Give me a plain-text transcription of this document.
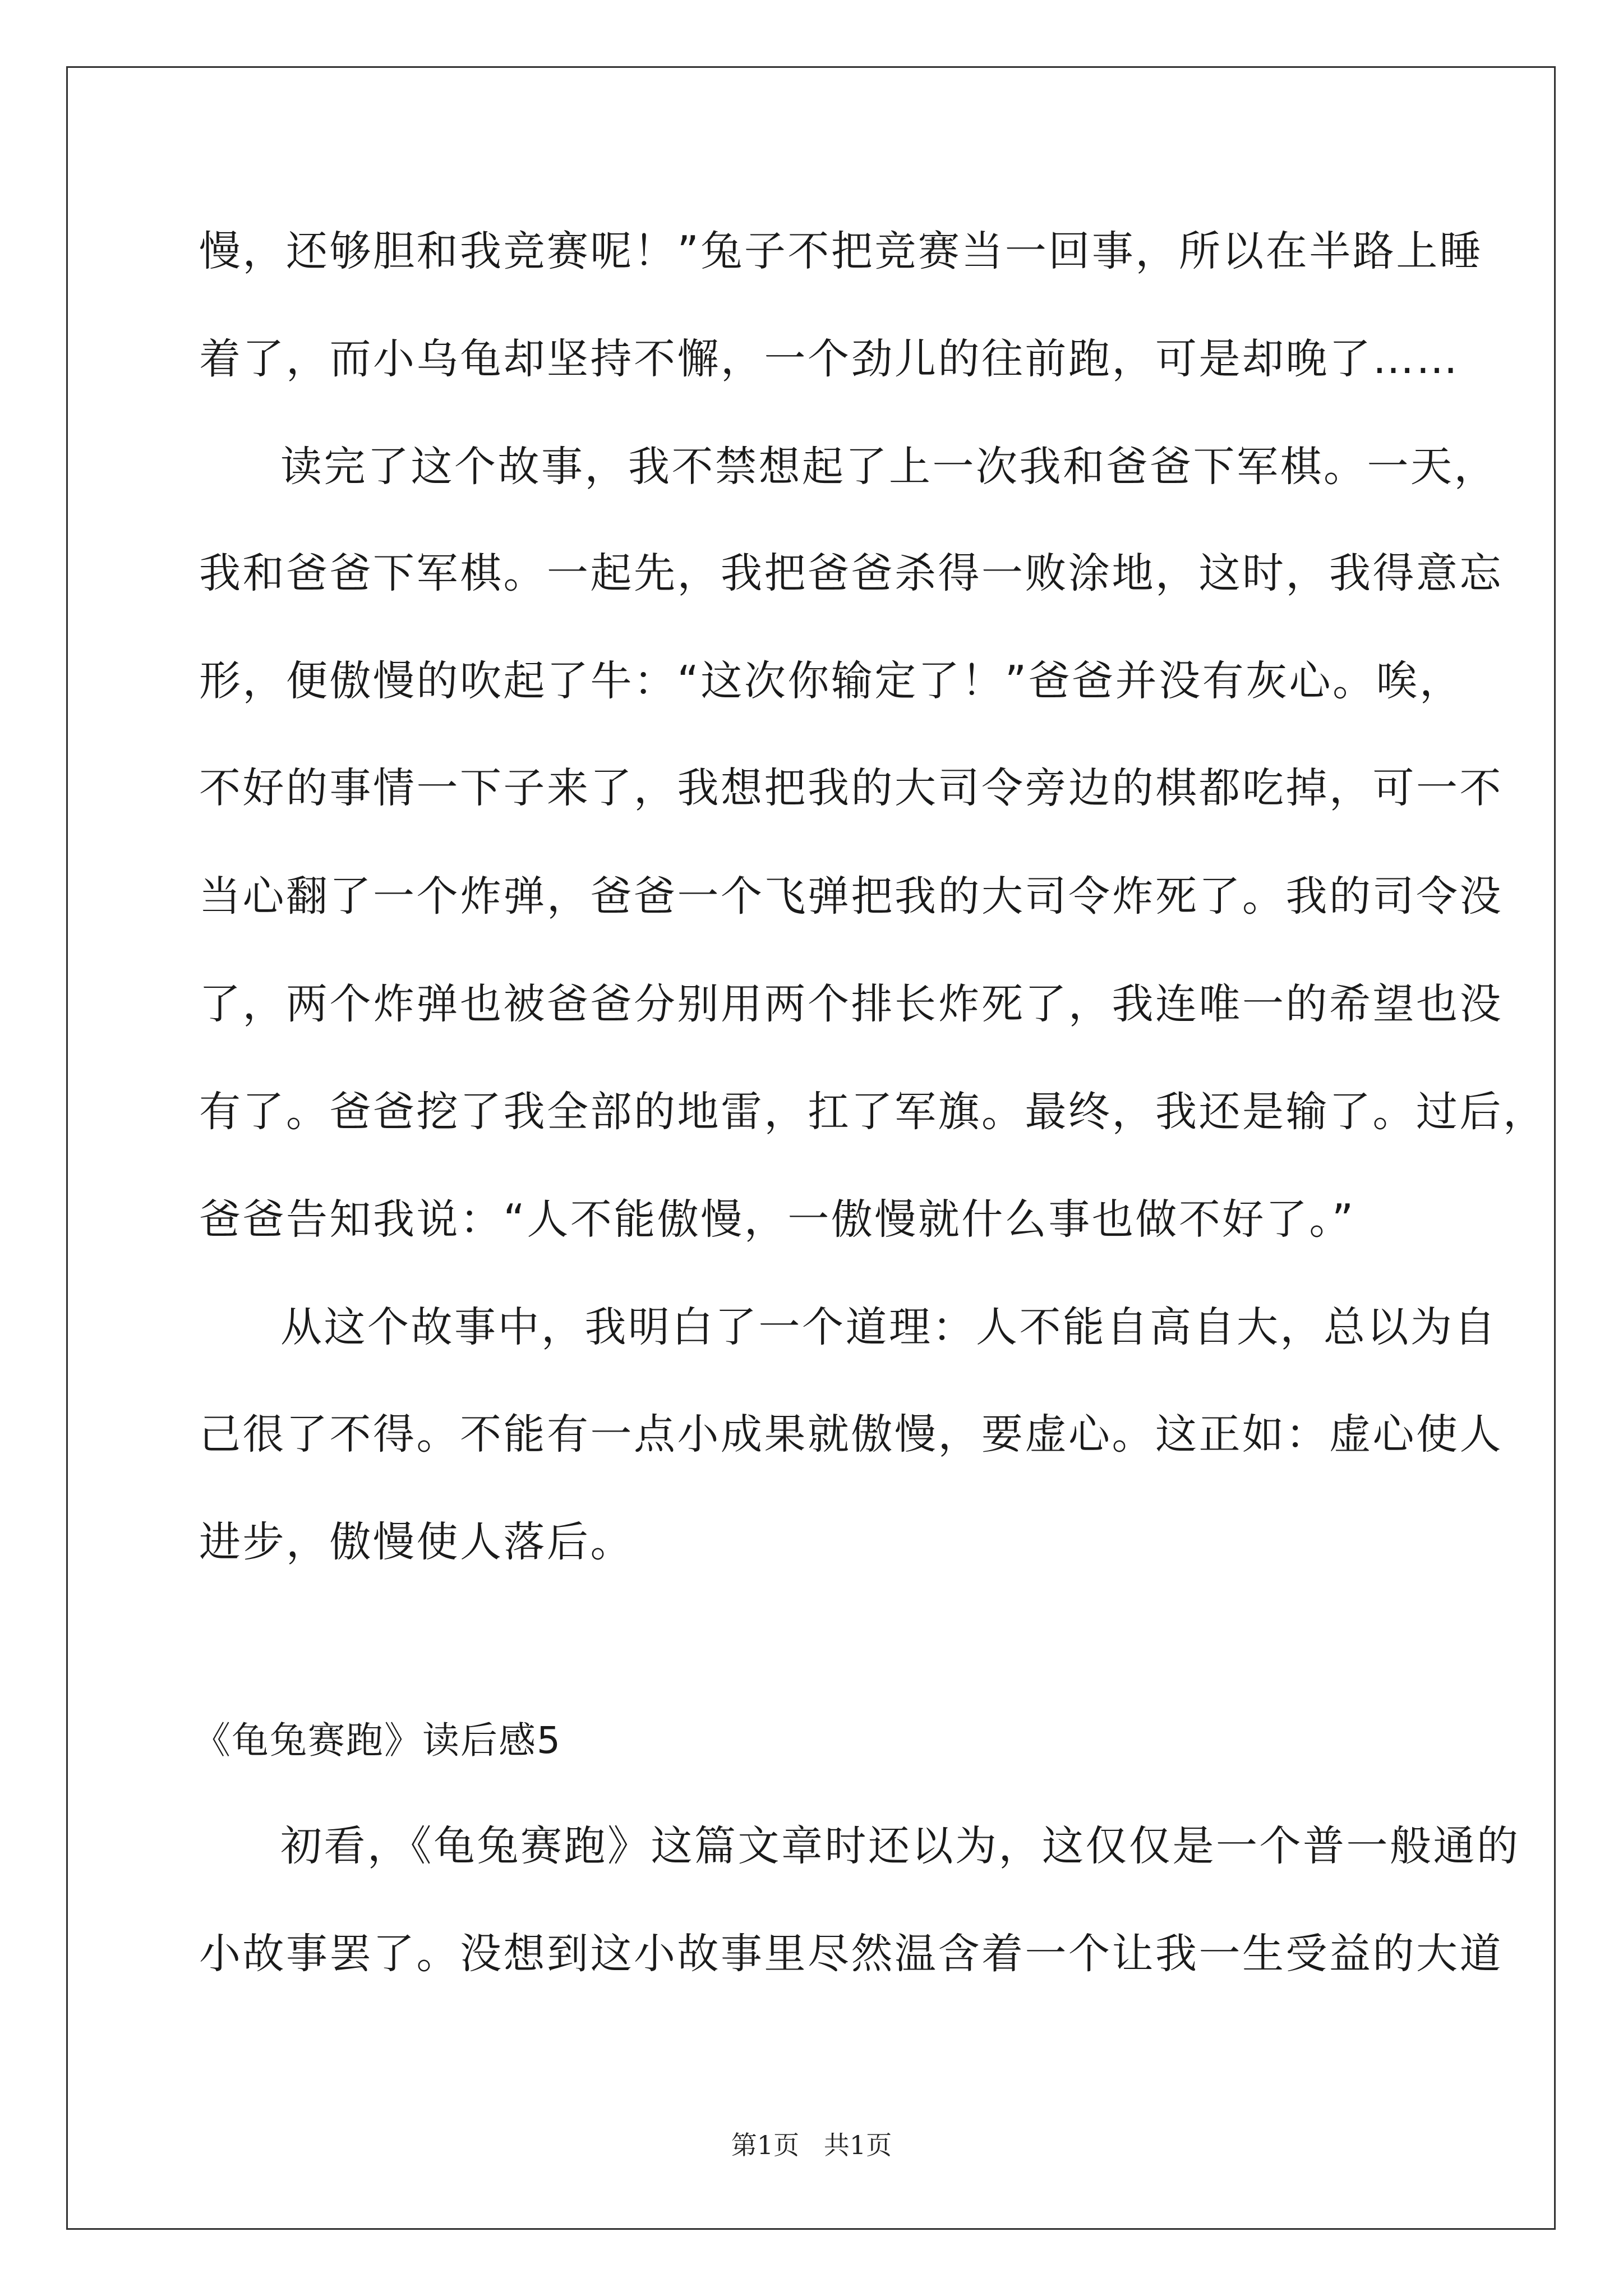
慢，还够胆和我竞赛呢！”兔子不把竞赛当一回事，所以在半路上睡
着了，而小乌龟却坚持不懈，一个劲儿的往前跑，可是却晚了……
读完了这个故事，我不禁想起了上一次我和爸爸下军棋。一天，
我和爸爸下军棋。一起先，我把爸爸杀得一败涂地，这时，我得意忘
形，便傲慢的吹起了牛：“这次你输定了！”爸爸并没有灰心。唉，
不好的事情一下子来了，我想把我的大司令旁边的棋都吃掉，可一不
当心翻了一个炸弹，爸爸一个飞弹把我的大司令炸死了。我的司令没
了，两个炸弹也被爸爸分别用两个排长炸死了，我连唯一的希望也没
有了。爸爸挖了我全部的地雷，扛了军旗。最终，我还是输了。过后，
爸爸告知我说：“人不能傲慢，一傲慢就什么事也做不好了。”
从这个故事中，我明白了一个道理：人不能自高自大，总以为自
己很了不得。不能有一点小成果就傲慢，要虚心。这正如：虚心使人
进步，傲慢使人落后。
《龟兔赛跑》读后感5
初看，《龟兔赛跑》这篇文章时还以为，这仅仅是一个普一般通的
小故事罢了。没想到这小故事里尽然温含着一个让我一生受益的大道
第1页   共1页
